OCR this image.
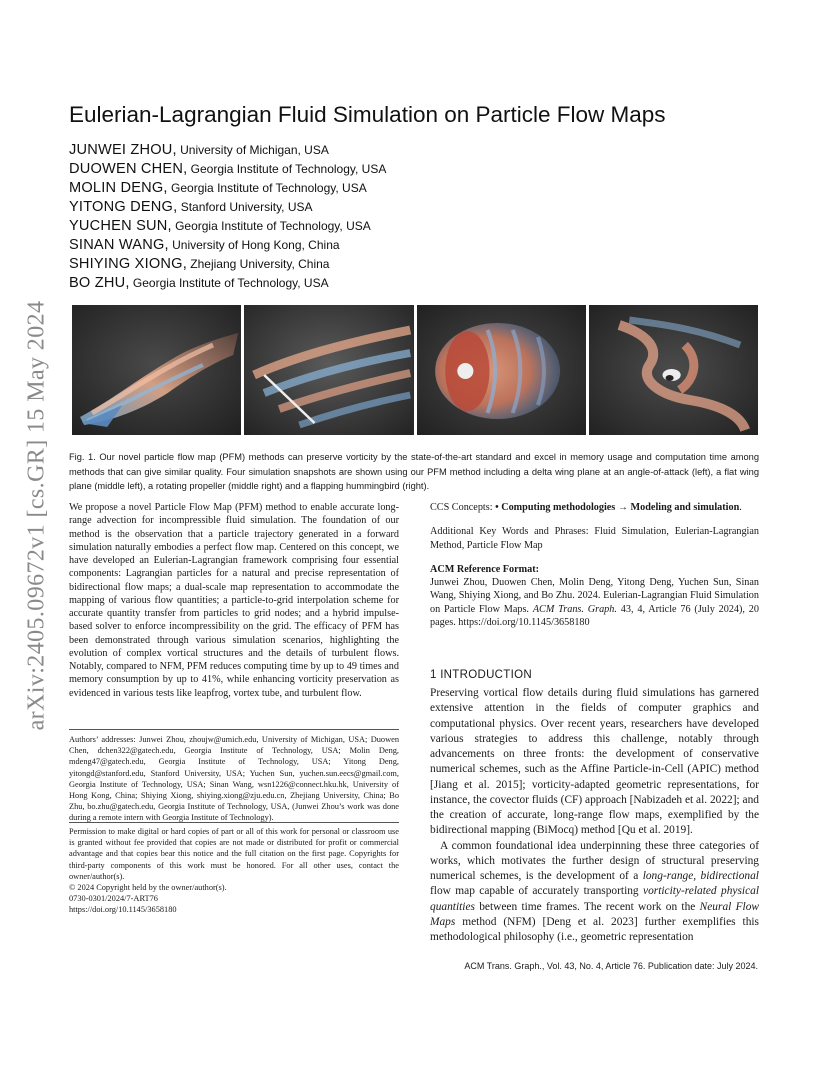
arXiv:2405.09672v1 [cs.GR] 15 May 2024
Eulerian-Lagrangian Fluid Simulation on Particle Flow Maps
JUNWEI ZHOU, University of Michigan, USA
DUOWEN CHEN, Georgia Institute of Technology, USA
MOLIN DENG, Georgia Institute of Technology, USA
YITONG DENG, Stanford University, USA
YUCHEN SUN, Georgia Institute of Technology, USA
SINAN WANG, University of Hong Kong, China
SHIYING XIONG, Zhejiang University, China
BO ZHU, Georgia Institute of Technology, USA
Fig. 1. Our novel particle flow map (PFM) methods can preserve vorticity by the state-of-the-art standard and excel in memory usage and computation time among methods that can give similar quality. Four simulation snapshots are shown using our PFM method including a delta wing plane at an angle-of-attack (left), a flat wing plane (middle left), a rotating propeller (middle right) and a flapping hummingbird (right).

We propose a novel Particle Flow Map (PFM) method to enable accurate long-range advection for incompressible fluid simulation. The foundation of our method is the observation that a particle trajectory generated in a forward simulation naturally embodies a perfect flow map. Centered on this concept, we have developed an Eulerian-Lagrangian framework comprising four essential components: Lagrangian particles for a natural and precise representation of bidirectional flow maps; a dual-scale map representation to accommodate the mapping of various flow quantities; a particle-to-grid interpolation scheme for accurate quantity transfer from particles to grid nodes; and a hybrid impulse-based solver to enforce incompressibility on the grid. The efficacy of PFM has been demonstrated through various simulation scenarios, highlighting the evolution of complex vortical structures and the details of turbulent flows. Notably, compared to NFM, PFM reduces computing time by up to 49 times and memory consumption by up to 41%, while enhancing vorticity preservation as evidenced in various tests like leapfrog, vortex tube, and turbulent flow.

Authors’ addresses: Junwei Zhou, zhoujw@umich.edu, University of Michigan, USA; Duowen Chen, dchen322@gatech.edu, Georgia Institute of Technology, USA; Molin Deng, mdeng47@gatech.edu, Georgia Institute of Technology, USA; Yitong Deng, yitongd@stanford.edu, Stanford University, USA; Yuchen Sun, yuchen.sun.eecs@gmail.com, Georgia Institute of Technology, USA; Sinan Wang, wsn1226@connect.hku.hk, University of Hong Kong, China; Shiying Xiong, shiying.xiong@zju.edu.cn, Zhejiang University, China; Bo Zhu, bo.zhu@gatech.edu, Georgia Institute of Technology, USA, (Junwei Zhou’s work was done during a remote intern with Georgia Institute of Technology).

Permission to make digital or hard copies of part or all of this work for personal or classroom use is granted without fee provided that copies are not made or distributed for profit or commercial advantage and that copies bear this notice and the full citation on the first page. Copyrights for third-party components of this work must be honored. For all other uses, contact the owner/author(s).

© 2024 Copyright held by the owner/author(s).

0730-0301/2024/7-ART76

https://doi.org/10.1145/3658180

CCS Concepts: • Computing methodologies → Modeling and simulation.

Additional Key Words and Phrases: Fluid Simulation, Eulerian-Lagrangian Method, Particle Flow Map

ACM Reference Format:

Junwei Zhou, Duowen Chen, Molin Deng, Yitong Deng, Yuchen Sun, Sinan Wang, Shiying Xiong, and Bo Zhu. 2024. Eulerian-Lagrangian Fluid Simulation on Particle Flow Maps. ACM Trans. Graph. 43, 4, Article 76 (July 2024), 20 pages. https://doi.org/10.1145/3658180

1 INTRODUCTION

Preserving vortical flow details during fluid simulations has garnered extensive attention in the fields of computer graphics and computational physics. Over recent years, researchers have developed various strategies to address this challenge, notably through advancements on three fronts: the development of conservative numerical schemes, such as the Affine Particle-in-Cell (APIC) method [Jiang et al. 2015]; vorticity-adapted geometric representations, for instance, the covector fluids (CF) approach [Nabizadeh et al. 2022]; and the creation of accurate, long-range flow maps, exemplified by the bidirectional mapping (BiMocq) method [Qu et al. 2019].

A common foundational idea underpinning these three categories of works, which motivates the further design of structural preserving numerical schemes, is the development of a long-range, bidirectional flow map capable of accurately transporting vorticity-related physical quantities between time frames. The recent work on the Neural Flow Maps method (NFM) [Deng et al. 2023] further exemplifies this methodological philosophy (i.e., geometric representation

ACM Trans. Graph., Vol. 43, No. 4, Article 76. Publication date: July 2024.
